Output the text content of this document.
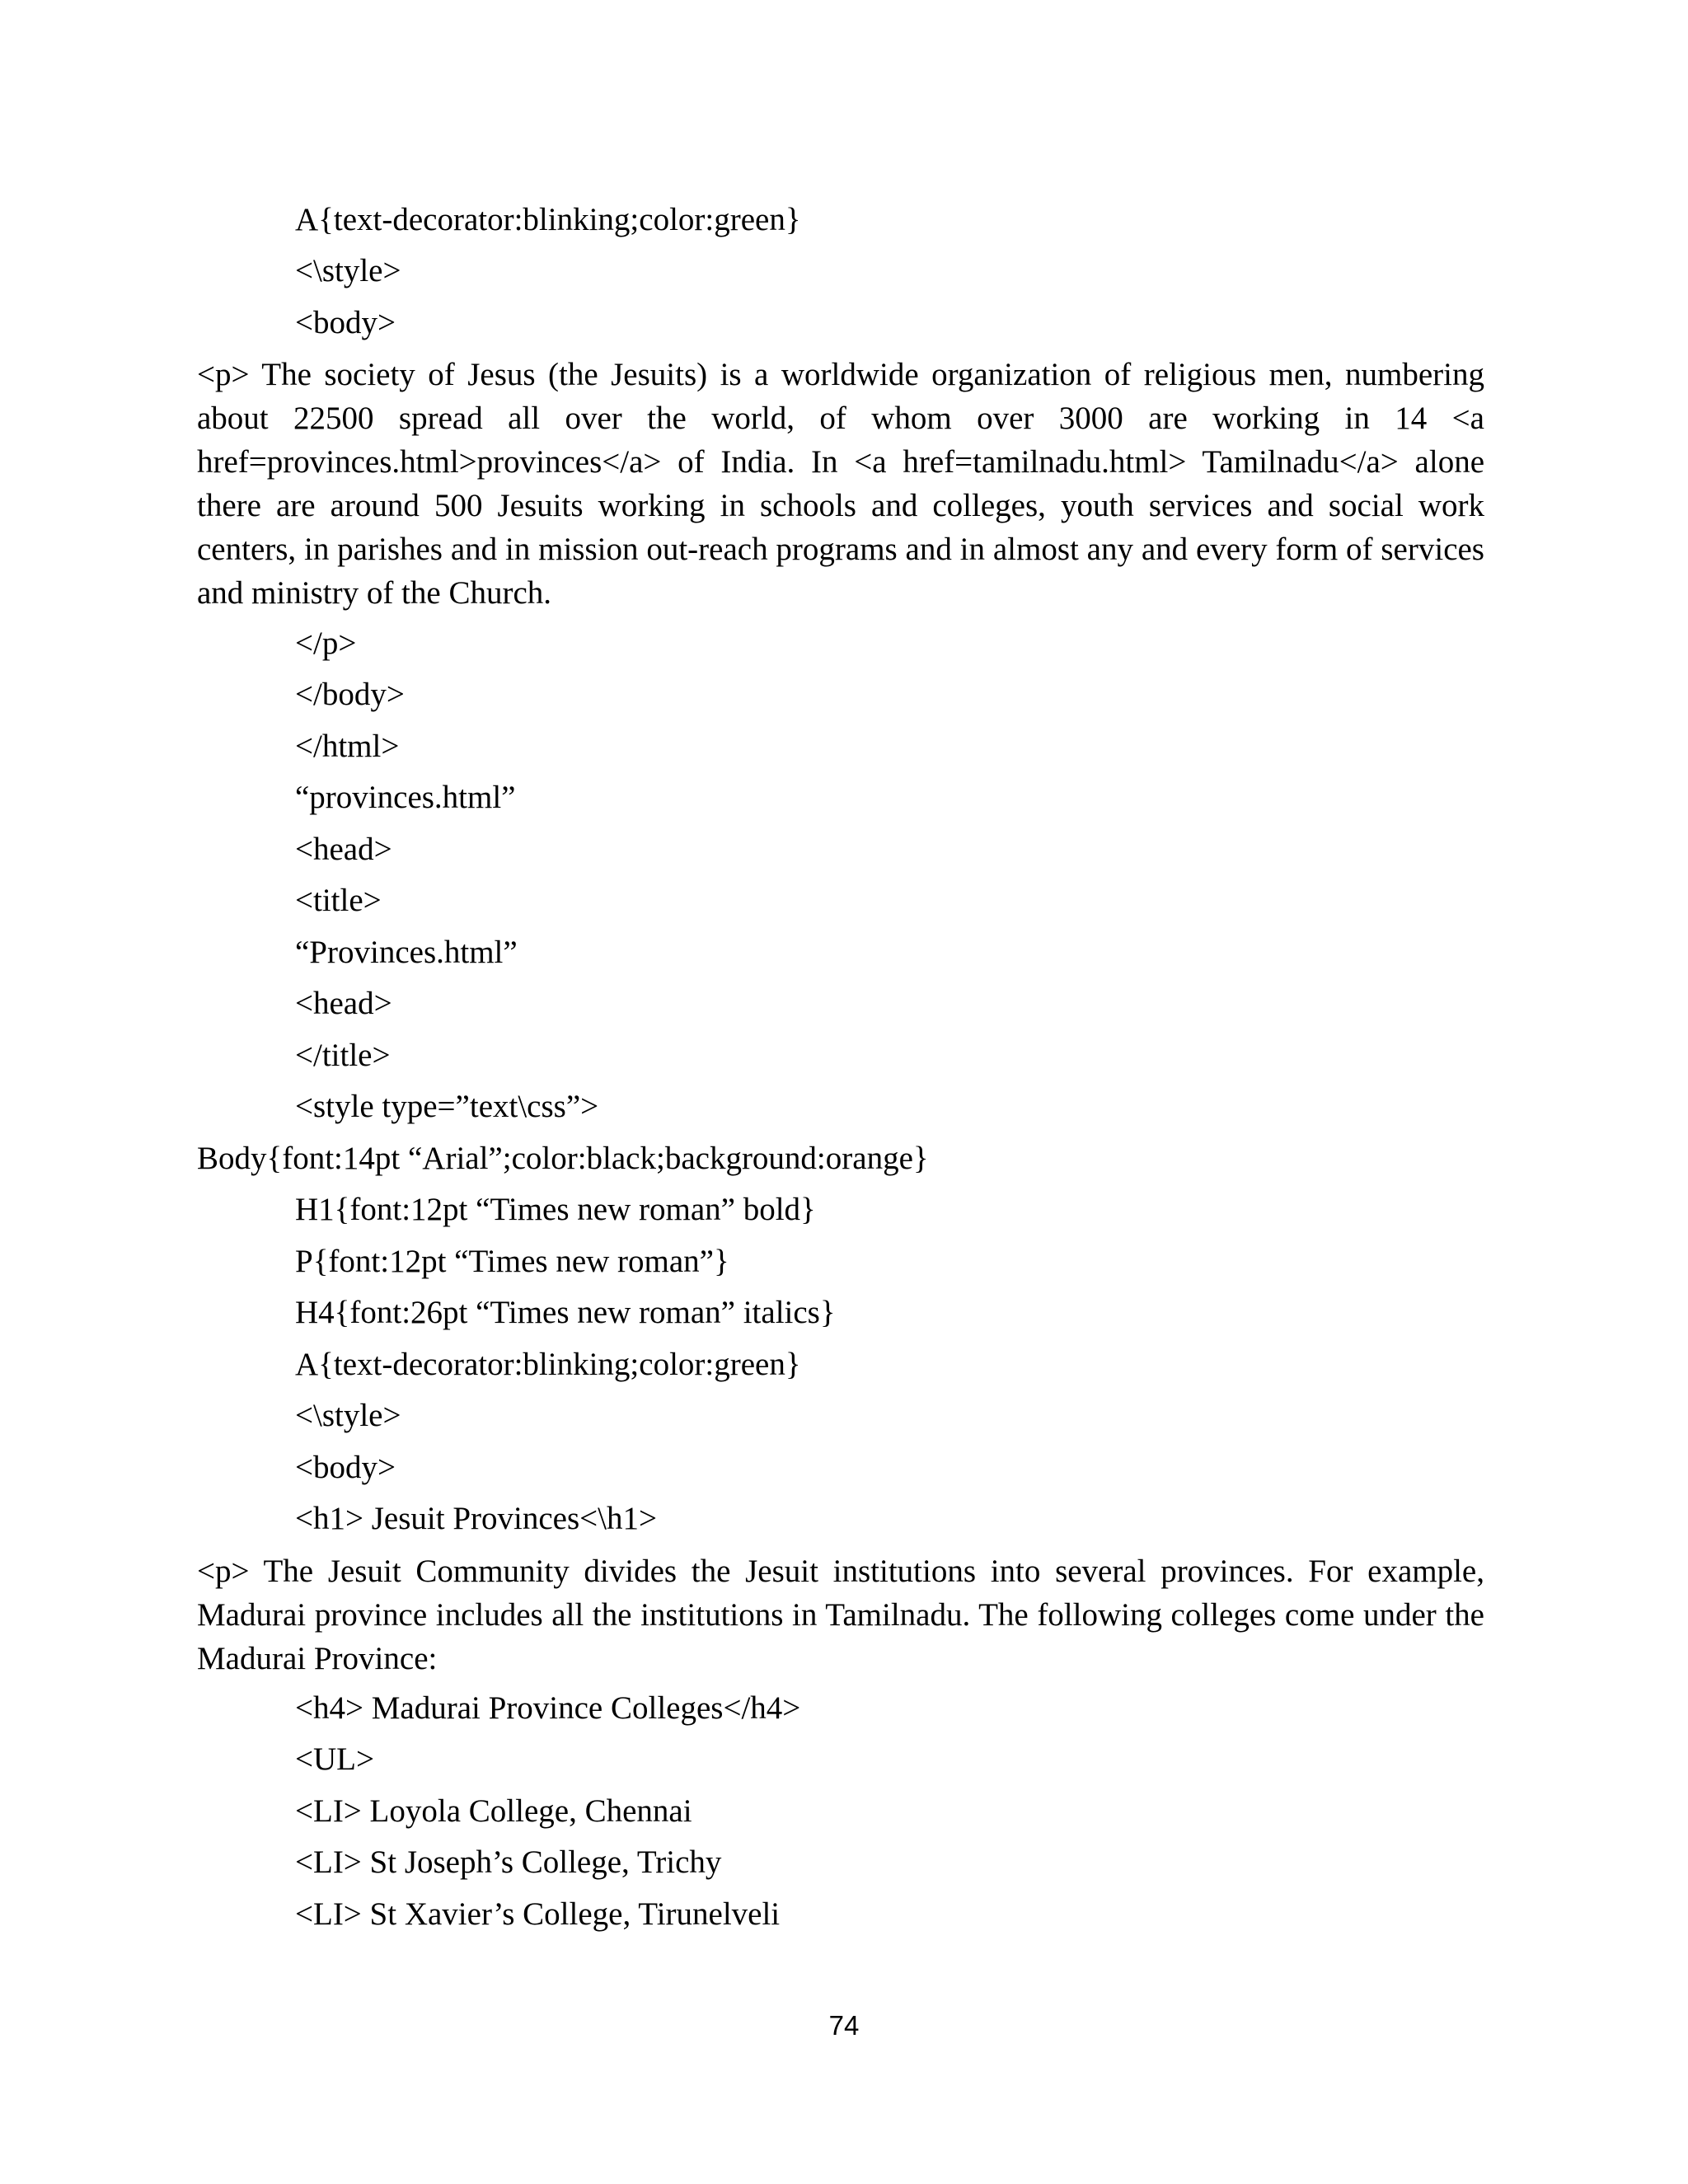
A{text-decorator:blinking;color:green}
<\style>
<body>
<p> The society of Jesus (the Jesuits) is a worldwide organization of religious men, numbering about 22500 spread all over the world, of whom over 3000 are working in 14 <a href=provinces.html>provinces</a> of India. In <a href=tamilnadu.html> Tamilnadu</a> alone there are around 500 Jesuits working in schools and colleges, youth services and social work centers, in parishes and in mission out-reach programs and in almost any and every form of services and ministry of the Church.
</p>
</body>
</html>
“provinces.html”
<head>
<title>
“Provinces.html”
<head>
</title>
<style type=”text\css”>
Body{font:14pt “Arial”;color:black;background:orange}
H1{font:12pt “Times new roman” bold}
P{font:12pt “Times new roman”}
H4{font:26pt “Times new roman” italics}
A{text-decorator:blinking;color:green}
<\style>
<body>
<h1> Jesuit Provinces<\h1>
<p> The Jesuit Community divides the Jesuit institutions into several provinces. For example, Madurai province includes all the institutions in Tamilnadu. The following colleges come under the Madurai Province:
<h4> Madurai Province Colleges</h4>
<UL>
<LI> Loyola College, Chennai
<LI> St Joseph’s College, Trichy
<LI> St Xavier’s College, Tirunelveli
74
